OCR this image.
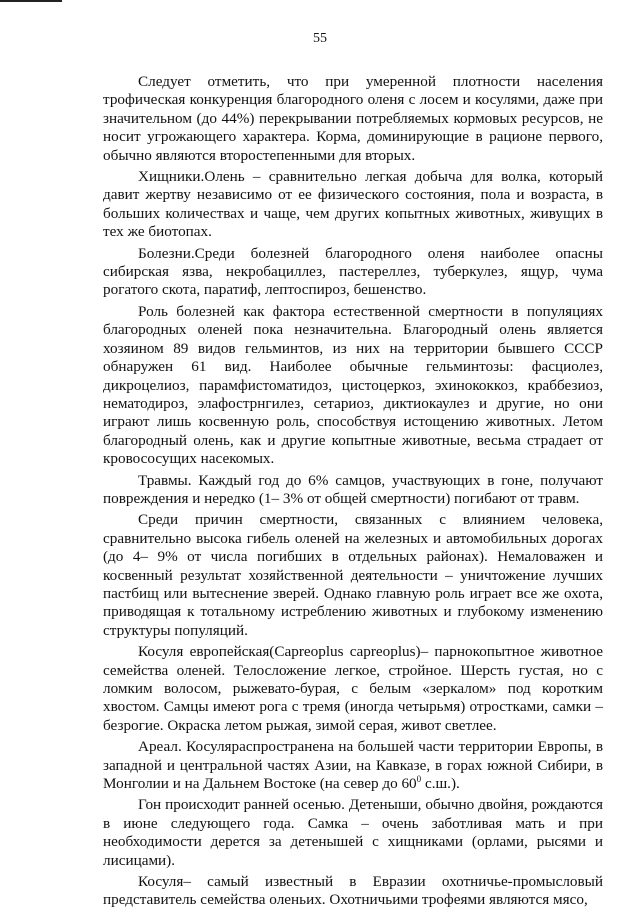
55

Следует отметить, что при умеренной плотности населения трофическая конкуренция благородного оленя с лосем и косулями, даже при значительном (до 44%) перекрывании потребляемых кормовых ресурсов, не носит угрожающего характера. Корма, доминирующие в рационе первого, обычно являются второстепенными для вторых.

Хищники.Олень – сравнительно легкая добыча для волка, который давит жертву независимо от ее физического состояния, пола и возраста, в больших количествах и чаще, чем других копытных животных, живущих в тех же биотопах.

Болезни.Среди болезней благородного оленя наиболее опасны сибирская язва, некробациллез, пастереллез, туберкулез, ящур, чума рогатого скота, паратиф, лептоспироз, бешенство.

Роль болезней как фактора естественной смертности в популяциях благородных оленей пока незначительна. Благородный олень является хозяином 89 видов гельминтов, из них на территории бывшего СССР обнаружен 61 вид. Наиболее обычные гельминтозы: фасциолез, дикроцелиоз, парамфистоматидоз, цистоцеркоз, эхинококкоз, краббезиоз, нематодироз, элафострнгилез, сетариоз, диктиокаулез и другие, но они играют лишь косвенную роль, способствуя истощению животных. Летом благородный олень, как и другие копытные животные, весьма страдает от кровососущих насекомых.

Травмы. Каждый год до 6% самцов, участвующих в гоне, получают повреждения и нередко (1– 3% от общей смертности) погибают от травм.

Среди причин смертности, связанных с влиянием человека, сравнительно высока гибель оленей на железных и автомобильных дорогах (до 4– 9% от числа погибших в отдельных районах). Немаловажен и косвенный результат хозяйственной деятельности – уничтожение лучших пастбищ или вытеснение зверей. Однако главную роль играет все же охота, приводящая к тотальному истреблению животных и глубокому изменению структуры популяций.

Косуля европейская(Capreoplus capreoplus)– парнокопытное животное семейства оленей. Телосложение легкое, стройное. Шерсть густая, но с ломким волосом, рыжевато-бурая, с белым «зеркалом» под коротким хвостом. Самцы имеют рога с тремя (иногда четырьмя) отростками, самки – безрогие. Окраска летом рыжая, зимой серая, живот светлее.

Ареал. Косуляраспространена на большей части территории Европы, в западной и центральной частях Азии, на Кавказе, в горах южной Сибири, в Монголии и на Дальнем Востоке (на север до $60^0$ с.ш.).

Гон происходит ранней осенью. Детеныши, обычно двойня, рождаются в июне следующего года. Самка – очень заботливая мать и при необходимости дерется за детенышей с хищниками (орлами, рысями и лисицами).

Косуля– самый известный в Евразии охотничье-промысловый представитель семейства оленьих. Охотничьими трофеями являются мясо,
